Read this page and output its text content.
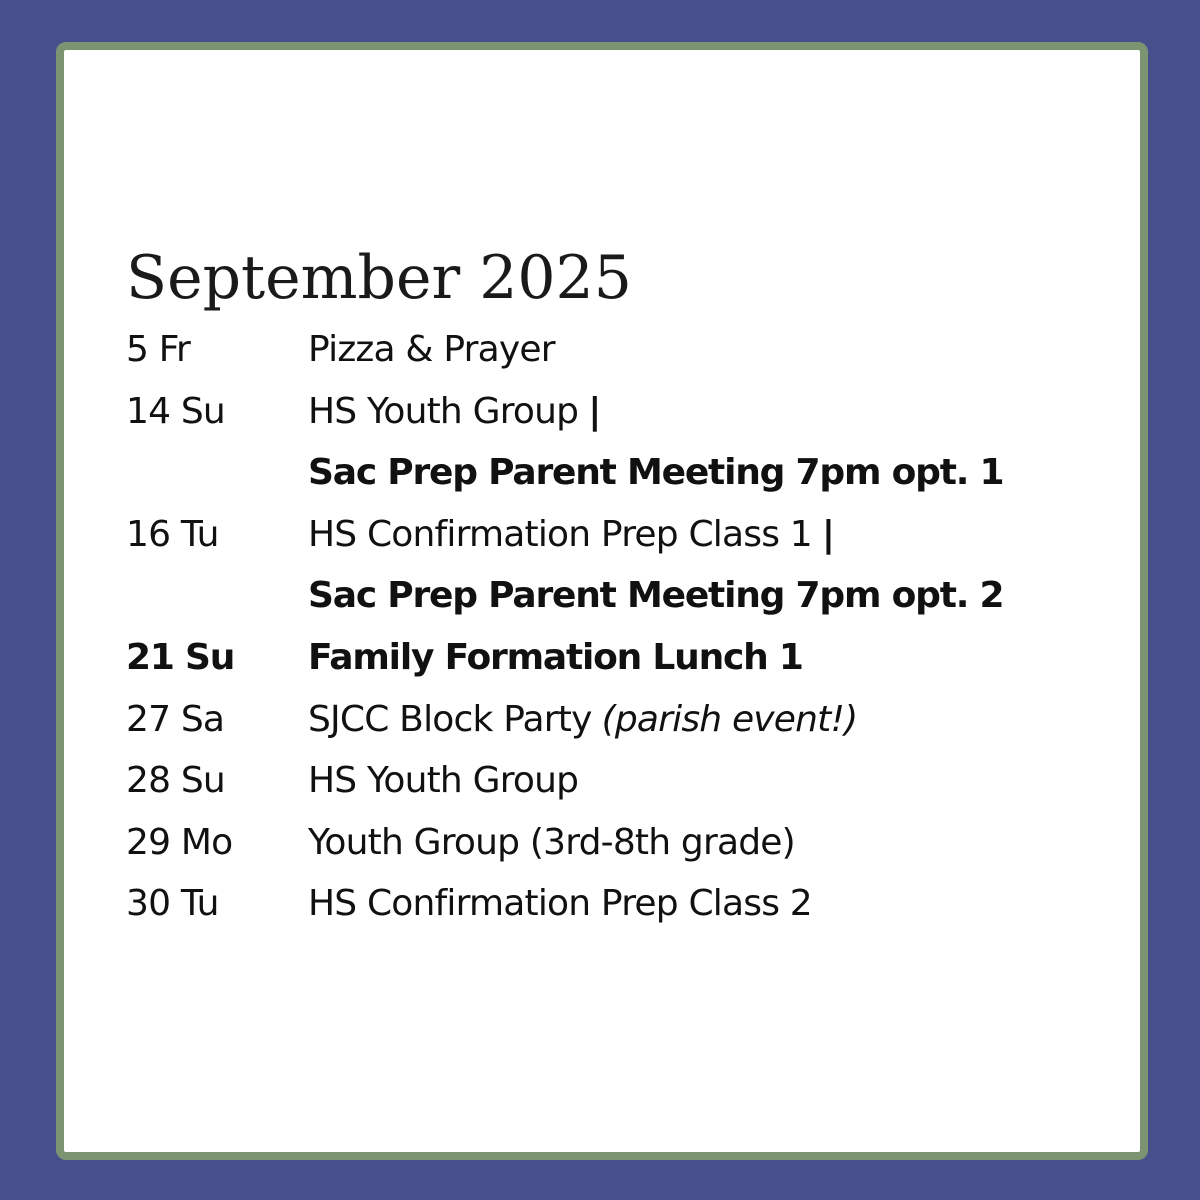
September 2025
5 Fr	Pizza & Prayer
14 Su HS Youth Group |
Sac Prep Parent Meeting 7pm opt. 1
16 Tu HS Confirmation Prep Class 1 |
Sac Prep Parent Meeting 7pm opt. 2
21 Su Family Formation Lunch 1
27 Sa SJCC Block Party (parish event!)
28 Su HS Youth Group
29 Mo Youth Group (3rd-8th grade)
30 Tu HS Confirmation Prep Class 2
